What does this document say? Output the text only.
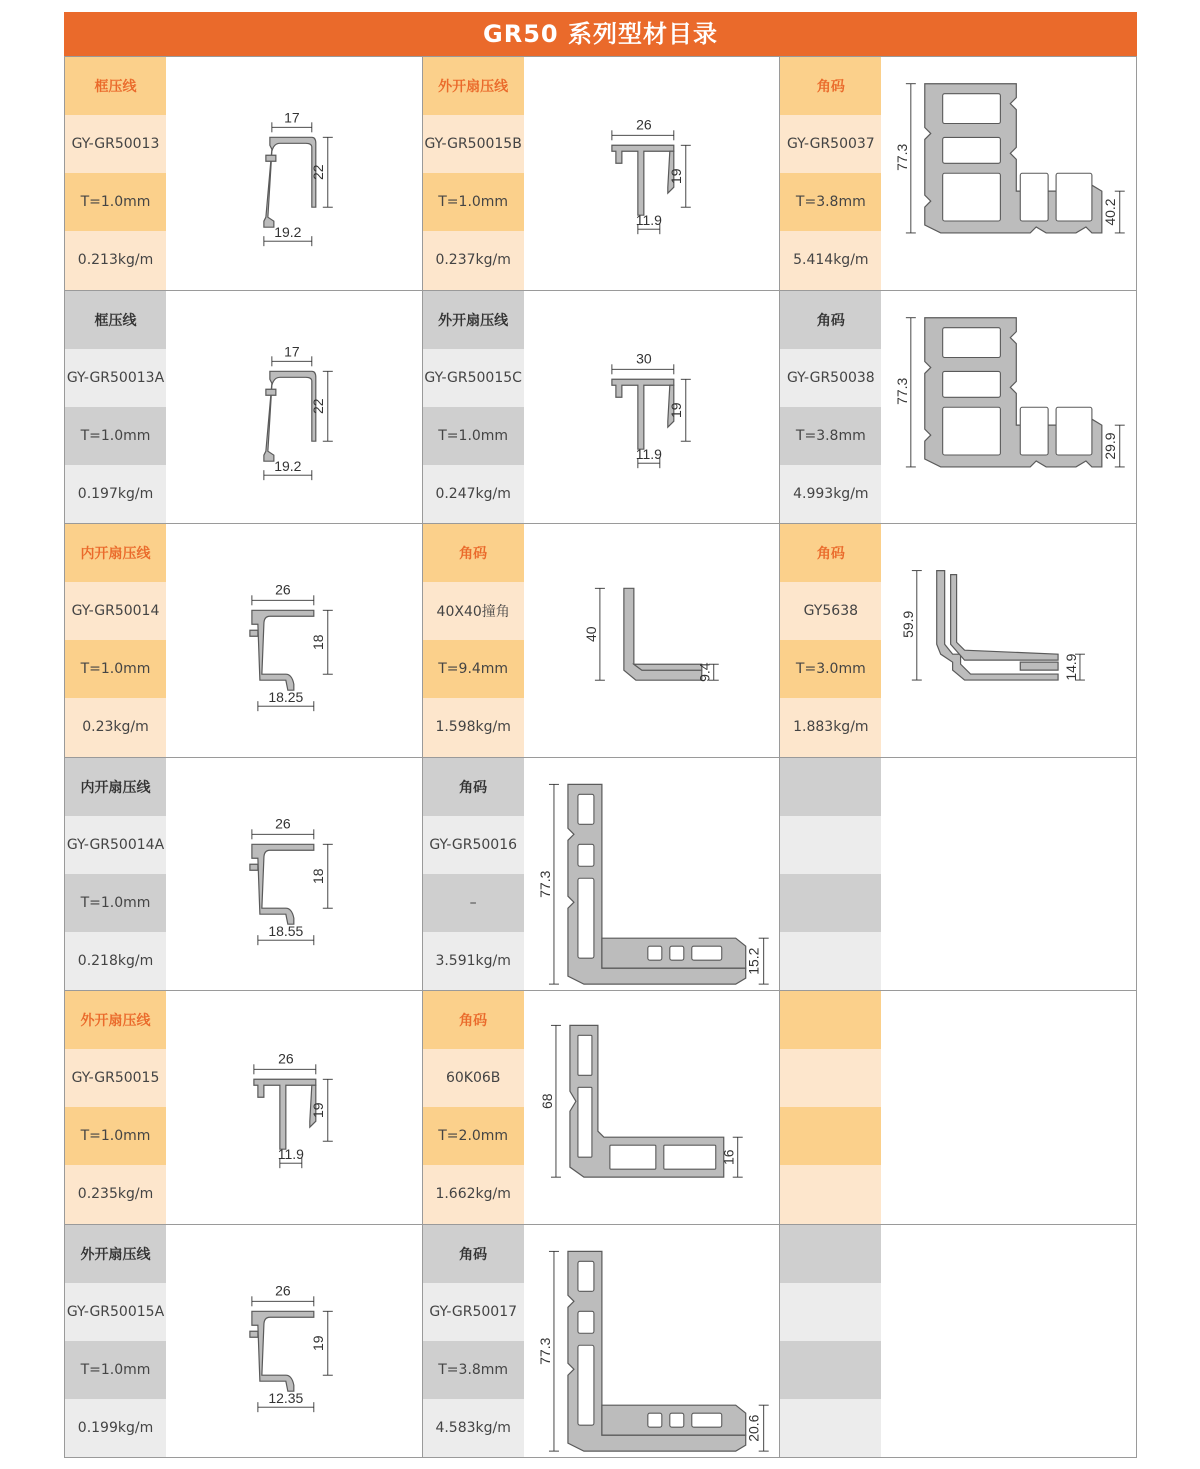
GR50 系列型材目录
框压线
GY-GR50013
T=1.0mm
0.213kg/m
17
22
19.2
外开扇压线
GY-GR50015B
T=1.0mm
0.237kg/m
26
19
11.9
角码
GY-GR50037
T=3.8mm
5.414kg/m
77.3
40.2
框压线
GY-GR50013A
T=1.0mm
0.197kg/m
17
22
19.2
外开扇压线
GY-GR50015C
T=1.0mm
0.247kg/m
30
19
11.9
角码
GY-GR50038
T=3.8mm
4.993kg/m
77.3
29.9
内开扇压线
GY-GR50014
T=1.0mm
0.23kg/m
26
18
18.25
角码
40X40撞角
T=9.4mm
1.598kg/m
40
9.4
角码
GY5638
T=3.0mm
1.883kg/m
59.9
14.9
内开扇压线
GY-GR50014A
T=1.0mm
0.218kg/m
26
18
18.55
角码
GY-GR50016
–
3.591kg/m
77.3
15.2
外开扇压线
GY-GR50015
T=1.0mm
0.235kg/m
26
19
11.9
角码
60K06B
T=2.0mm
1.662kg/m
68
16
外开扇压线
GY-GR50015A
T=1.0mm
0.199kg/m
26
19
12.35
角码
GY-GR50017
T=3.8mm
4.583kg/m
77.3
20.6
